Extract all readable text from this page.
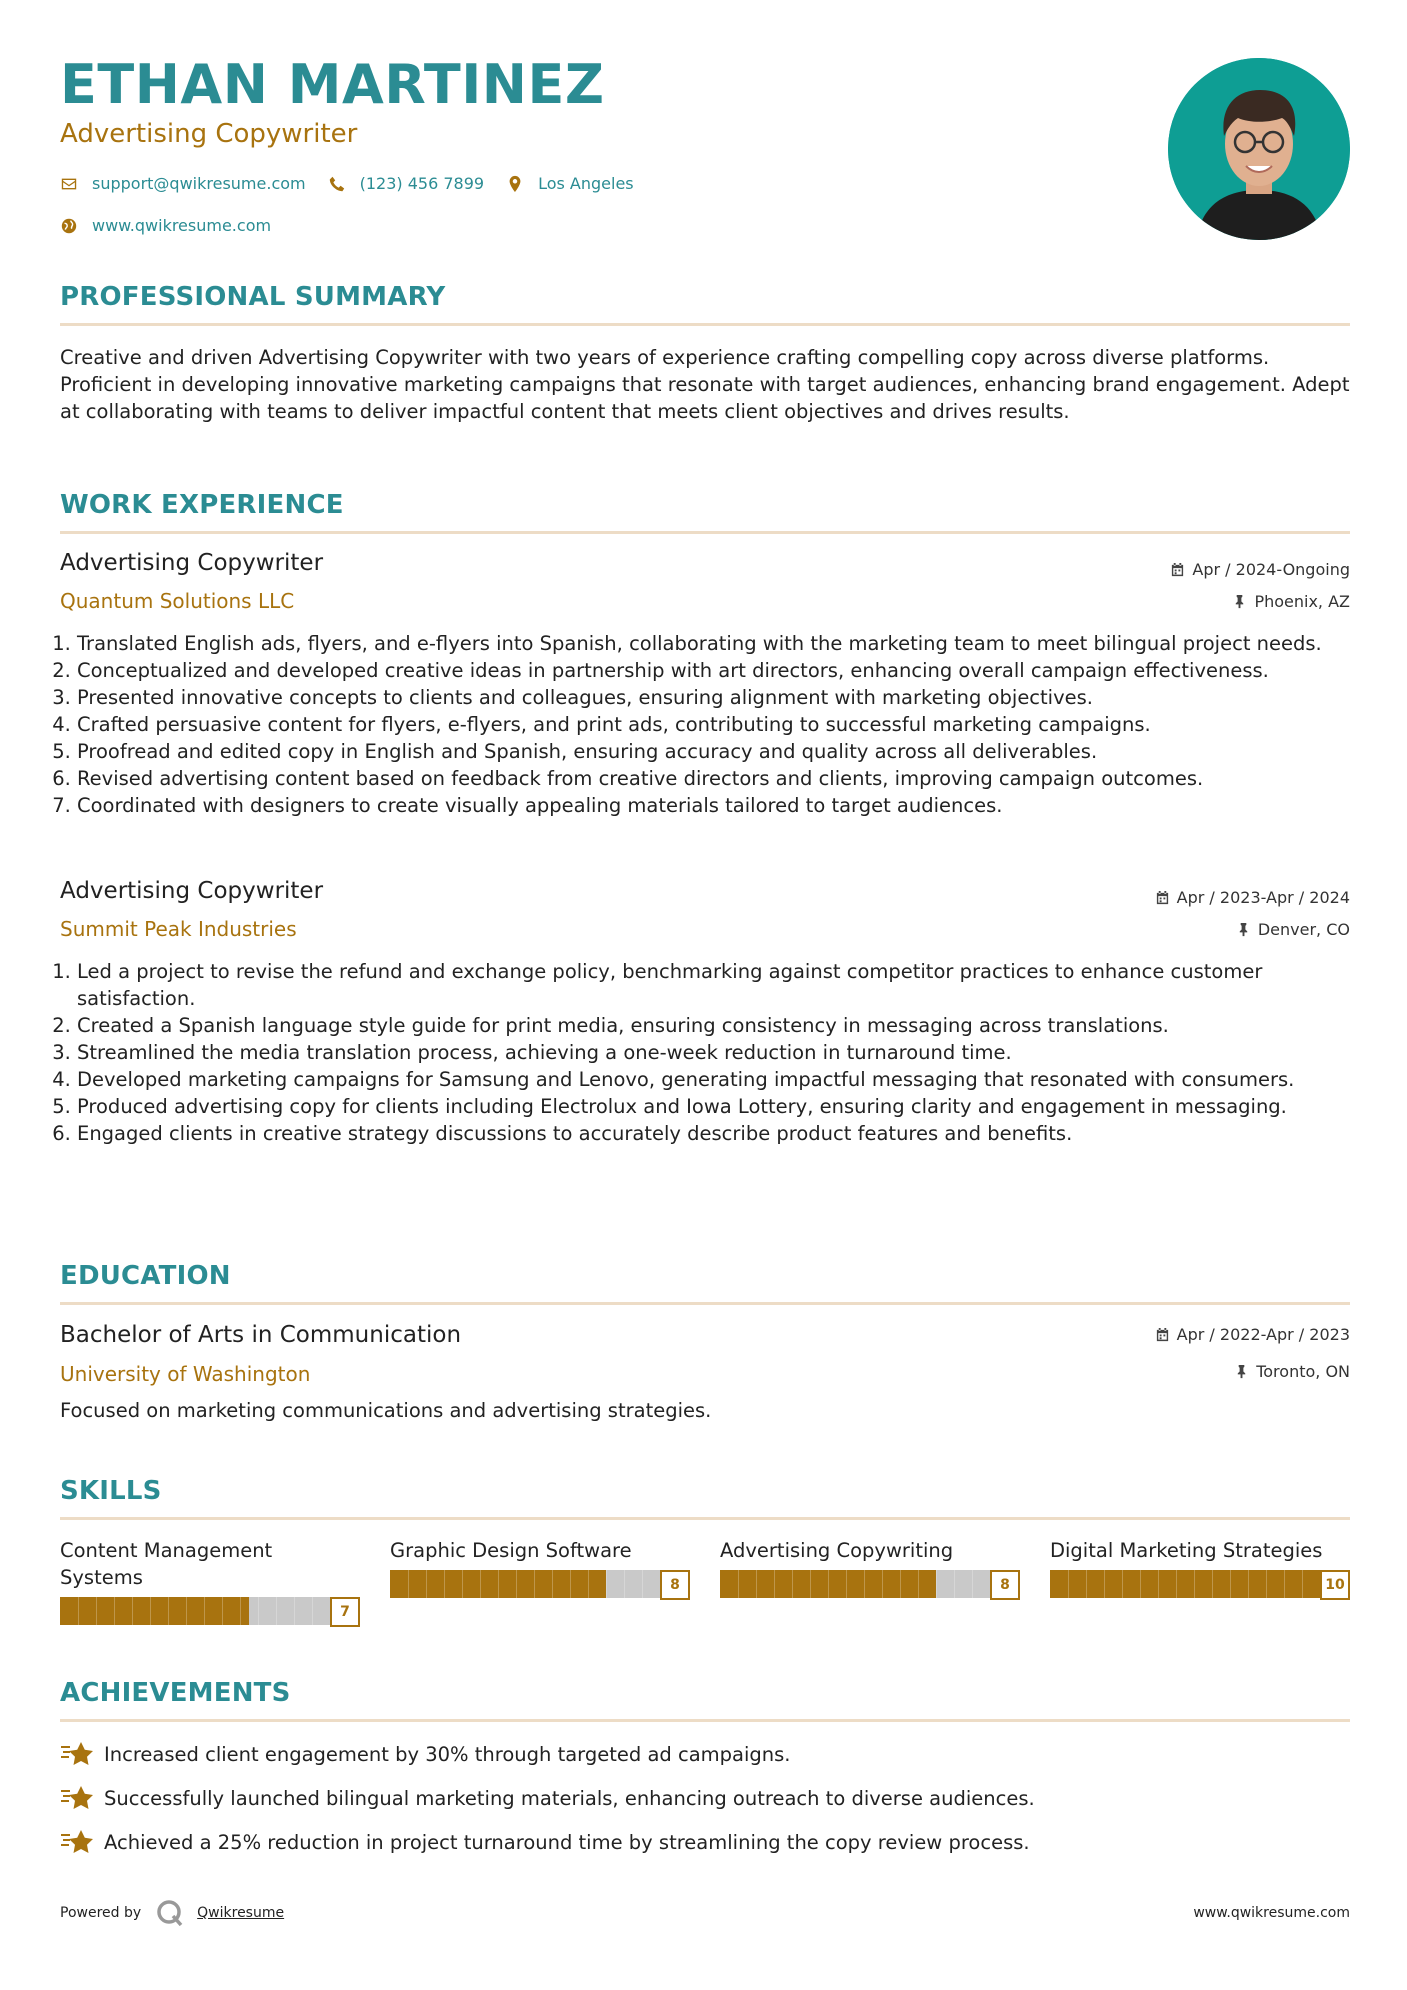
ETHAN MARTINEZ
Advertising Copywriter
support@qwikresume.com	(123) 456 7899	Los Angeles
www.qwikresume.com
PROFESSIONAL SUMMARY
Creative and driven Advertising Copywriter with two years of experience crafting compelling copy across diverse platforms. Proficient in developing innovative marketing campaigns that resonate with target audiences, enhancing brand engagement. Adept at collaborating with teams to deliver impactful content that meets client objectives and drives results.
WORK EXPERIENCE
Advertising Copywriter
Quantum Solutions LLC
Apr / 2024-Ongoing
Phoenix, AZ
1. Translated English ads, flyers, and e-flyers into Spanish, collaborating with the marketing team to meet bilingual project needs.
2. Conceptualized and developed creative ideas in partnership with art directors, enhancing overall campaign effectiveness.
3. Presented innovative concepts to clients and colleagues, ensuring alignment with marketing objectives.
4. Crafted persuasive content for flyers, e-flyers, and print ads, contributing to successful marketing campaigns.
5. Proofread and edited copy in English and Spanish, ensuring accuracy and quality across all deliverables.
6. Revised advertising content based on feedback from creative directors and clients, improving campaign outcomes.
7. Coordinated with designers to create visually appealing materials tailored to target audiences.
Advertising Copywriter
Summit Peak Industries
Apr / 2023-Apr / 2024
Denver, CO
1. Led a project to revise the refund and exchange policy, benchmarking against competitor practices to enhance customer satisfaction.
2. Created a Spanish language style guide for print media, ensuring consistency in messaging across translations.
3. Streamlined the media translation process, achieving a one-week reduction in turnaround time.
4. Developed marketing campaigns for Samsung and Lenovo, generating impactful messaging that resonated with consumers.
5. Produced advertising copy for clients including Electrolux and Iowa Lottery, ensuring clarity and engagement in messaging.
6. Engaged clients in creative strategy discussions to accurately describe product features and benefits.
EDUCATION
Bachelor of Arts in Communication
University of Washington
Apr / 2022-Apr / 2023
Toronto, ON
Focused on marketing communications and advertising strategies.
SKILLS
Content Management Systems
7
Graphic Design Software
8
Advertising Copywriting
8
Digital Marketing Strategies
10
ACHIEVEMENTS
Increased client engagement by 30% through targeted ad campaigns.
Successfully launched bilingual marketing materials, enhancing outreach to diverse audiences.
Achieved a 25% reduction in project turnaround time by streamlining the copy review process.
Powered by	Qwikresume	www.qwikresume.com
